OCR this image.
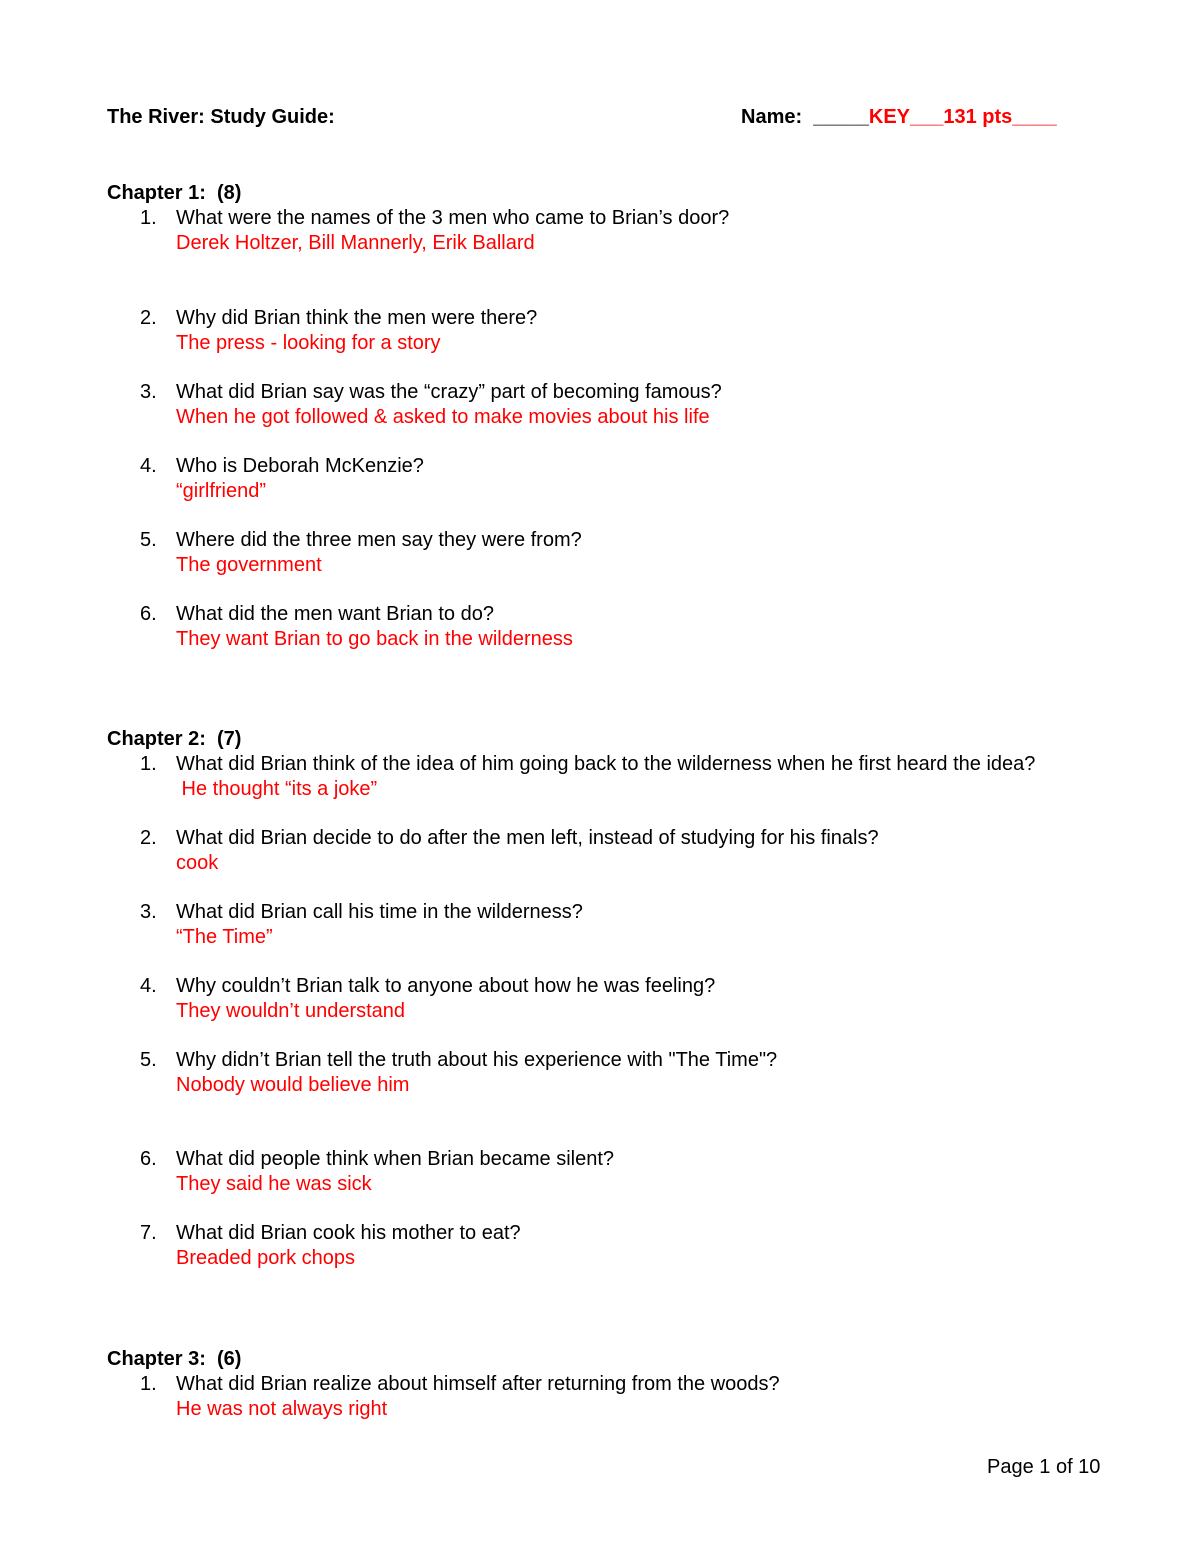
The River: Study Guide:	Name:  _____KEY___131 pts____
Chapter 1:  (8)
1. What were the names of the 3 men who came to Brian’s door?
Derek Holtzer, Bill Mannerly, Erik Ballard
2. Why did Brian think the men were there?
The press - looking for a story
3. What did Brian say was the “crazy” part of becoming famous?
When he got followed & asked to make movies about his life
4. Who is Deborah McKenzie?
“girlfriend”
5. Where did the three men say they were from?
The government
6. What did the men want Brian to do?
They want Brian to go back in the wilderness
Chapter 2:  (7)
1. What did Brian think of the idea of him going back to the wilderness when he first heard the idea?
He thought “its a joke”
2. What did Brian decide to do after the men left, instead of studying for his finals?
cook
3. What did Brian call his time in the wilderness?
“The Time”
4. Why couldn’t Brian talk to anyone about how he was feeling?
They wouldn’t understand
5. Why didn’t Brian tell the truth about his experience with "The Time"?
Nobody would believe him
6. What did people think when Brian became silent?
They said he was sick
7. What did Brian cook his mother to eat?
Breaded pork chops
Chapter 3:  (6)
1. What did Brian realize about himself after returning from the woods?
He was not always right
Page 1 of 10
